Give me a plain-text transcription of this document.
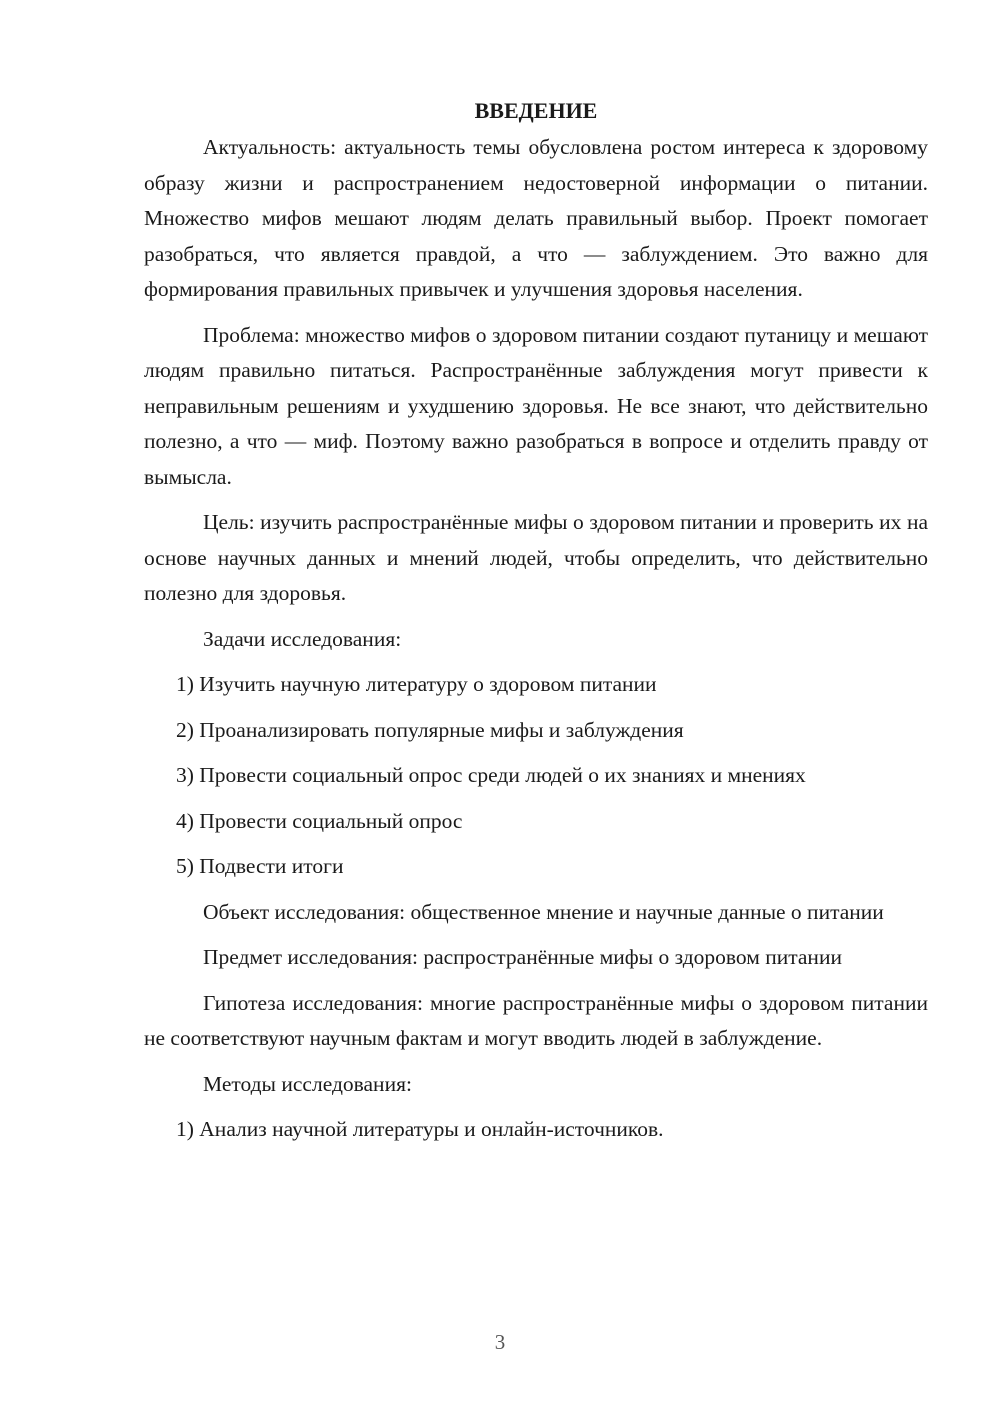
ВВЕДЕНИЕ

Актуальность: актуальность темы обусловлена ростом интереса к здоровому образу жизни и распространением недостоверной информации о питании. Множество мифов мешают людям делать правильный выбор. Проект помогает разобраться, что является правдой, а что — заблуждением. Это важно для формирования правильных привычек и улучшения здоровья населения.

Проблема: множество мифов о здоровом питании создают путаницу и мешают людям правильно питаться. Распространённые заблуждения могут привести к неправильным решениям и ухудшению здоровья. Не все знают, что действительно полезно, а что — миф. Поэтому важно разобраться в вопросе и отделить правду от вымысла.

Цель: изучить распространённые мифы о здоровом питании и проверить их на основе научных данных и мнений людей, чтобы определить, что действительно полезно для здоровья.

Задачи исследования:

1) Изучить научную литературу о здоровом питании
2) Проанализировать популярные мифы и заблуждения
3) Провести социальный опрос среди людей о их знаниях и мнениях
4) Провести социальный опрос
5) Подвести итоги

Объект исследования: общественное мнение и научные данные о питании

Предмет исследования: распространённые мифы о здоровом питании

Гипотеза исследования: многие распространённые мифы о здоровом питании не соответствуют научным фактам и могут вводить людей в заблуждение.

Методы исследования:

1) Анализ научной литературы и онлайн-источников.
3
